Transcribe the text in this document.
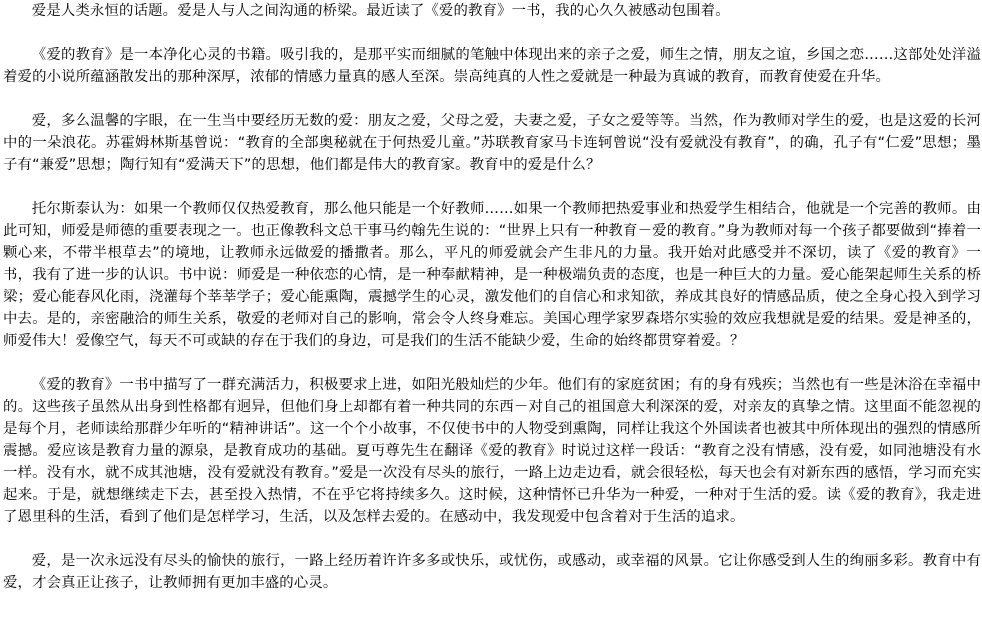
爱是人类永恒的话题。爱是人与人之间沟通的桥梁。最近读了《爱的教育》一书，我的心久久被感动包围着。

《爱的教育》是一本净化心灵的书籍。吸引我的，是那平实而细腻的笔触中体现出来的亲子之爱，师生之情，朋友之谊，乡国之恋……这部处处洋溢着爱的小说所蕴涵散发出的那种深厚，浓郁的情感力量真的感人至深。崇高纯真的人性之爱就是一种最为真诚的教育，而教育使爱在升华。

爱，多么温馨的字眼，在一生当中要经历无数的爱：朋友之爱，父母之爱，夫妻之爱，子女之爱等等。当然，作为教师对学生的爱，也是这爱的长河中的一朵浪花。苏霍姆林斯基曾说：“教育的全部奥秘就在于何热爱儿童。”苏联教育家马卡连轲曾说“没有爱就没有教育”，的确，孔子有“仁爱”思想；墨子有“兼爱”思想；陶行知有“爱满天下”的思想，他们都是伟大的教育家。教育中的爱是什么？

托尔斯泰认为：如果一个教师仅仅热爱教育，那么他只能是一个好教师……如果一个教师把热爱事业和热爱学生相结合，他就是一个完善的教师。由此可知，师爱是师德的重要表现之一。也正像教科文总干事马约翰先生说的：“世界上只有一种教育－爱的教育。”身为教师对每一个孩子都要做到“捧着一颗心来，不带半根草去”的境地，让教师永远做爱的播撒者。那么，平凡的师爱就会产生非凡的力量。我开始对此感受并不深切，读了《爱的教育》一书，我有了进一步的认识。书中说：师爱是一种依恋的心情，是一种奉献精神，是一种极端负责的态度，也是一种巨大的力量。爱心能架起师生关系的桥梁；爱心能春风化雨，浇灌每个莘莘学子；爱心能熏陶，震撼学生的心灵，激发他们的自信心和求知欲，养成其良好的情感品质，使之全身心投入到学习中去。是的，亲密融洽的师生关系，敬爱的老师对自己的影响，常会令人终身难忘。美国心理学家罗森塔尔实验的效应我想就是爱的结果。爱是神圣的，师爱伟大！爱像空气，每天不可或缺的存在于我们的身边，可是我们的生活不能缺少爱，生命的始终都贯穿着爱。？

《爱的教育》一书中描写了一群充满活力，积极要求上进，如阳光般灿烂的少年。他们有的家庭贫困；有的身有残疾；当然也有一些是沐浴在幸福中的。这些孩子虽然从出身到性格都有迥异，但他们身上却都有着一种共同的东西－对自己的祖国意大利深深的爱，对亲友的真挚之情。这里面不能忽视的是每个月，老师读给那群少年听的“精神讲话”。这一个个小故事，不仅使书中的人物受到熏陶，同样让我这个外国读者也被其中所体现出的强烈的情感所震撼。爱应该是教育力量的源泉，是教育成功的基础。夏丏尊先生在翻译《爱的教育》时说过这样一段话：“教育之没有情感，没有爱，如同池塘没有水一样。没有水，就不成其池塘，没有爱就没有教育。”爱是一次没有尽头的旅行，一路上边走边看，就会很轻松，每天也会有对新东西的感悟，学习而充实起来。于是，就想继续走下去，甚至投入热情，不在乎它将持续多久。这时候，这种情怀已升华为一种爱，一种对于生活的爱。读《爱的教育》，我走进了恩里科的生活，看到了他们是怎样学习，生活，以及怎样去爱的。在感动中，我发现爱中包含着对于生活的追求。

爱，是一次永远没有尽头的愉快的旅行，一路上经历着许许多多或快乐，或忧伤，或感动，或幸福的风景。它让你感受到人生的绚丽多彩。教育中有爱，才会真正让孩子，让教师拥有更加丰盛的心灵。
